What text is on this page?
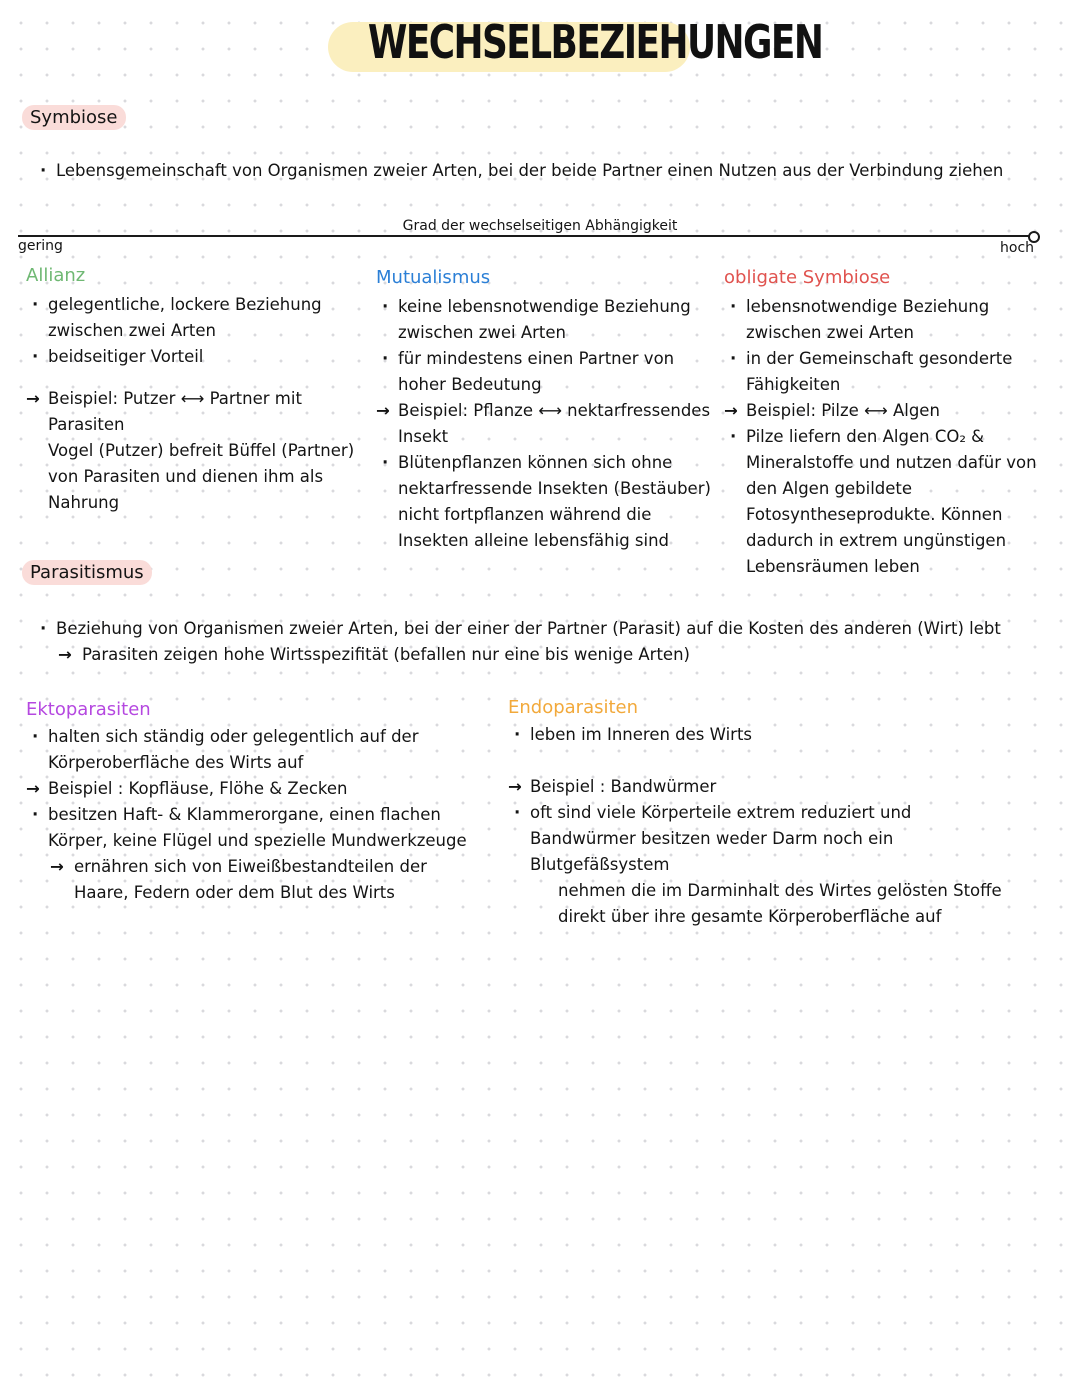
WECHSELBEZIEHUNGEN
Symbiose
· Lebensgemeinschaft von Organismen zweier Arten, bei der beide Partner einen Nutzen aus der Verbindung ziehen
Grad der wechselseitigen Abhängigkeit
gering	hoch
Allianz
· gelegentliche, lockere Beziehung zwischen zwei Arten
· beidseitiger Vorteil
→ Beispiel: Putzer ⟷ Partner mit Parasiten
Vogel (Putzer) befreit Büffel (Partner) von Parasiten und dienen ihm als Nahrung
Mutualismus
· keine lebensnotwendige Beziehung zwischen zwei Arten
· für mindestens einen Partner von hoher Bedeutung
→ Beispiel: Pflanze ⟷ nektarfressendes Insekt
· Blütenpflanzen können sich ohne nektarfressende Insekten (Bestäuber) nicht fortpflanzen während die Insekten alleine lebensfähig sind
obligate Symbiose
· lebensnotwendige Beziehung zwischen zwei Arten
· in der Gemeinschaft gesonderte Fähigkeiten
→ Beispiel: Pilze ⟷ Algen
· Pilze liefern den Algen CO₂ & Mineralstoffe und nutzen dafür von den Algen gebildete Fotosyntheseprodukte. Können dadurch in extrem ungünstigen Lebensräumen leben
Parasitismus
· Beziehung von Organismen zweier Arten, bei der einer der Partner (Parasit) auf die Kosten des anderen (Wirt) lebt
→ Parasiten zeigen hohe Wirtsspezifität (befallen nur eine bis wenige Arten)
Ektoparasiten
· halten sich ständig oder gelegentlich auf der Körperoberfläche des Wirts auf
→ Beispiel : Kopfläuse, Flöhe & Zecken
· besitzen Haft- & Klammerorgane, einen flachen Körper, keine Flügel und spezielle Mundwerkzeuge
→ ernähren sich von Eiweißbestandteilen der Haare, Federn oder dem Blut des Wirts
Endoparasiten
· leben im Inneren des Wirts
→ Beispiel : Bandwürmer
· oft sind viele Körperteile extrem reduziert und Bandwürmer besitzen weder Darm noch ein Blutgefäßsystem
nehmen die im Darminhalt des Wirtes gelösten Stoffe direkt über ihre gesamte Körperoberfläche auf
